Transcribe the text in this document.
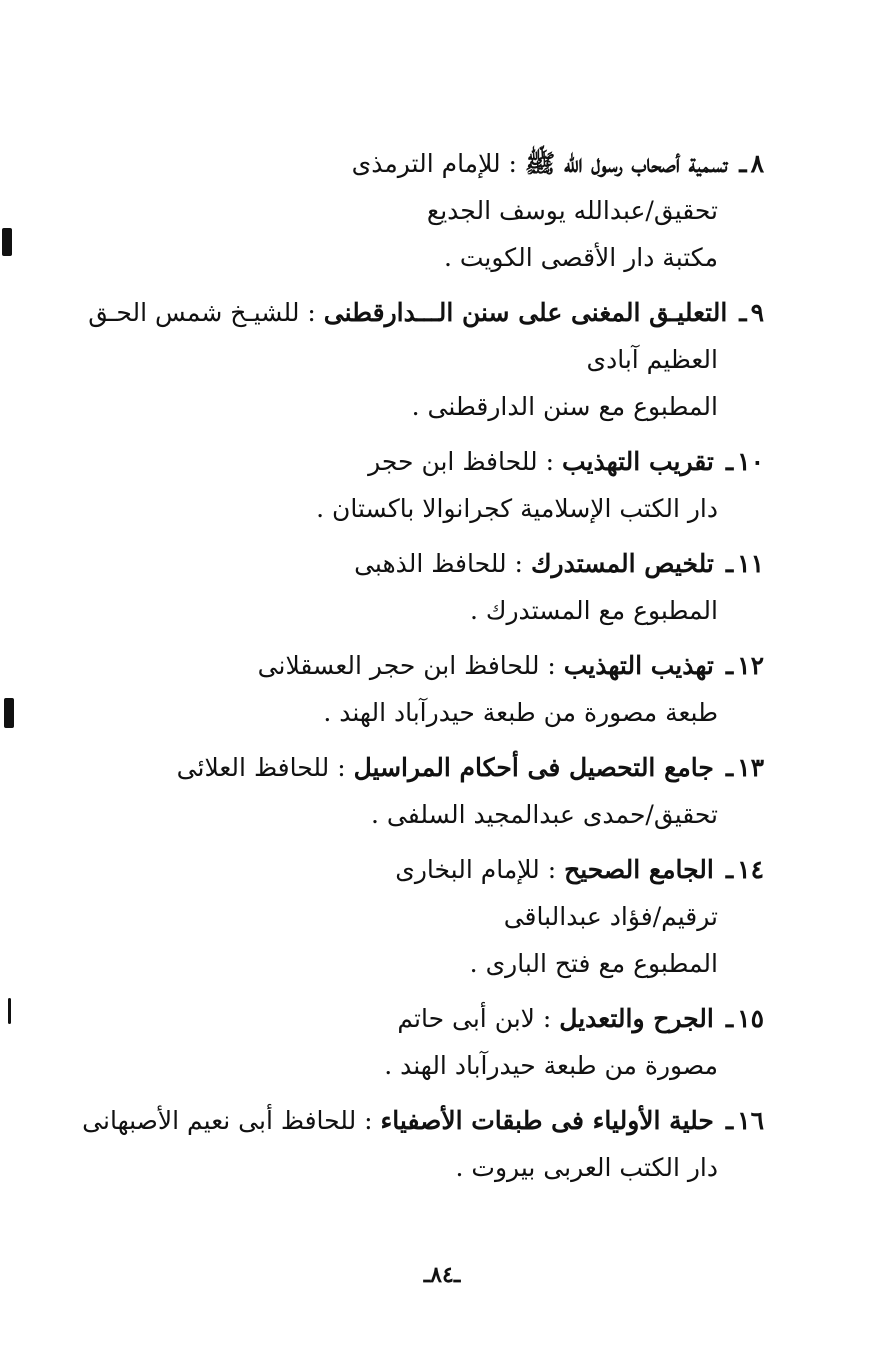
٨ـ تسمية أصحاب رسول الله ﷺ : للإمام الترمذى
تحقيق/عبدالله يوسف الجديع
مكتبة دار الأقصى الكويت .
٩ـ التعليـق المغنى على سنن الـــدارقطنى : للشيـخ شمس الحـق
العظيم آبادى
المطبوع مع سنن الدارقطنى .
١٠ـ تقريب التهذيب : للحافظ ابن حجر
دار الكتب الإسلامية كجرانوالا باكستان .
١١ـ تلخيص المستدرك : للحافظ الذهبى
المطبوع مع المستدرك .
١٢ـ تهذيب التهذيب : للحافظ ابن حجر العسقلانى
طبعة مصورة من طبعة حيدرآباد الهند .
١٣ـ جامع التحصيل فى أحكام المراسيل : للحافظ العلائى
تحقيق/حمدى عبدالمجيد السلفى .
١٤ـ الجامع الصحيح : للإمام البخارى
ترقيم/فؤاد عبدالباقى
المطبوع مع فتح البارى .
١٥ـ الجرح والتعديل : لابن أبى حاتم
مصورة من طبعة حيدرآباد الهند .
١٦ـ حلية الأولياء فى طبقات الأصفياء : للحافظ أبى نعيم الأصبهانى
دار الكتب العربى بيروت .
ـ٨٤ـ
